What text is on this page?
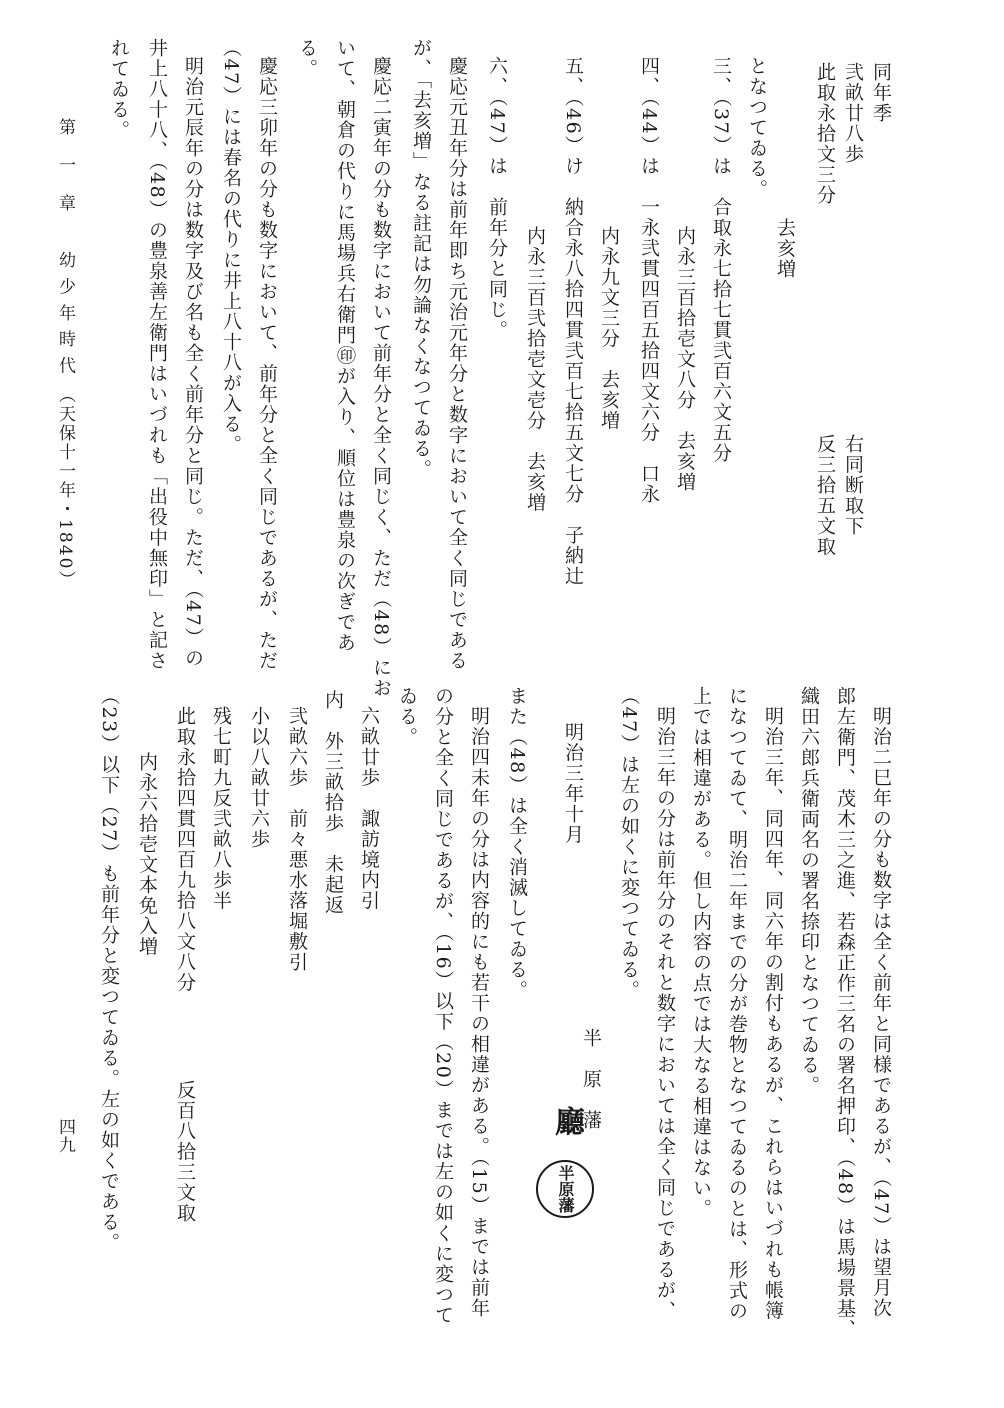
同年季
弐畝廿八歩
此取永拾文三分
去亥増
右同断取下
反三拾五文取
となつてゐる。
三、（37）は　合取永七拾七貫弐百六文五分
内永三百拾壱文八分　去亥増
四、（44）は　一永弐貫四百五拾四文六分　口永
内永九文三分　去亥増
五、（46）け　納合永八拾四貫弐百七拾五文七分　子納辻
内永三百弐拾壱文壱分　去亥増
六、（47）は　前年分と同じ。
慶応元丑年分は前年即ち元治元年分と数字において全く同じである
が、「去亥増」なる註記は勿論なくなつてゐる。
慶応二寅年の分も数字において前年分と全く同じく、ただ（48）にお
いて、朝倉の代りに馬場兵右衛門㊞が入り、順位は豊泉の次ぎであ
る。
慶応三卯年の分も数字において、前年分と全く同じであるが、ただ
（47）には春名の代りに井上八十八が入る。
明治元辰年の分は数字及び名も全く前年分と同じ。ただ、（47）の
井上八十八、（48）の豊泉善左衛門はいづれも「出役中無印」と記さ
れてゐる。
明治二巳年の分も数字は全く前年と同様であるが、（47）は望月次
郎左衛門、茂木三之進、若森正作三名の署名押印、（48）は馬場景基、
織田六郎兵衛両名の署名捺印となつてゐる。
明治三年、同四年、同六年の割付もあるが、これらはいづれも帳簿
になつてゐて、明治二年までの分が巻物となつてゐるのとは、形式の
上では相違がある。但し内容の点では大なる相違はない。
明治三年の分は前年分のそれと数字においては全く同じであるが、
（47）は左の如くに変つてゐる。
明治三年十月
半　原　藩
廳
半原藩
また（48）は全く消滅してゐる。
明治四未年の分は内容的にも若干の相違がある。（15）までは前年
の分と全く同じであるが、（16）以下（20）までは左の如くに変つて
ゐる。
六畝廿歩　諏訪境内引
内　外三畝拾歩　未起返
弐畝六歩　前々悪水落堀敷引
小以八畝廿六歩
残七町九反弐畝八歩半
此取永拾四貫四百九拾八文八分
反百八拾三文取
内永六拾壱文本免入増
（23）以下（27）も前年分と変つてゐる。左の如くである。
第　一　章　　幼 少 年 時 代　（天保十一年・1840）
四九
